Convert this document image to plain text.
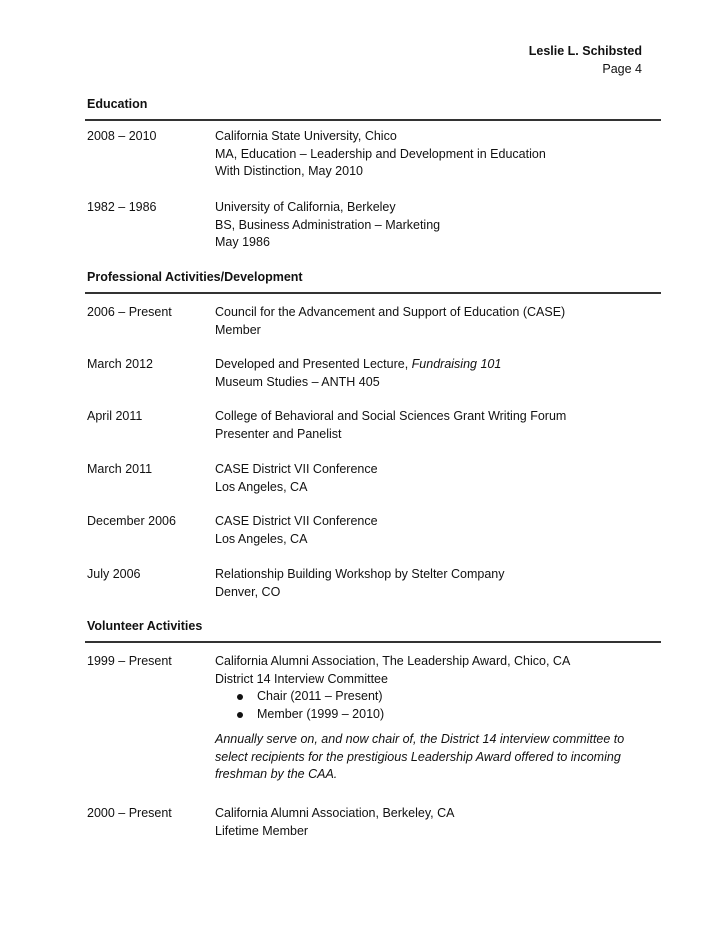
Leslie L. Schibsted
Page 4
Education
2008 – 2010	California State University, Chico
MA, Education – Leadership and Development in Education
With Distinction, May 2010
1982 – 1986	University of California, Berkeley
BS, Business Administration – Marketing
May 1986
Professional Activities/Development
2006 – Present	Council for the Advancement and Support of Education (CASE)
Member
March 2012	Developed and Presented Lecture, Fundraising 101
Museum Studies – ANTH 405
April 2011	College of Behavioral and Social Sciences Grant Writing Forum
Presenter and Panelist
March 2011	CASE District VII Conference
Los Angeles, CA
December 2006	CASE District VII Conference
Los Angeles, CA
July 2006	Relationship Building Workshop by Stelter Company
Denver, CO
Volunteer Activities
1999 – Present	California Alumni Association, The Leadership Award, Chico, CA
District 14 Interview Committee
Chair (2011 – Present)
Member (1999 – 2010)
Annually serve on, and now chair of, the District 14 interview committee to select recipients for the prestigious Leadership Award offered to incoming freshman by the CAA.
2000 – Present	California Alumni Association, Berkeley, CA
Lifetime Member
